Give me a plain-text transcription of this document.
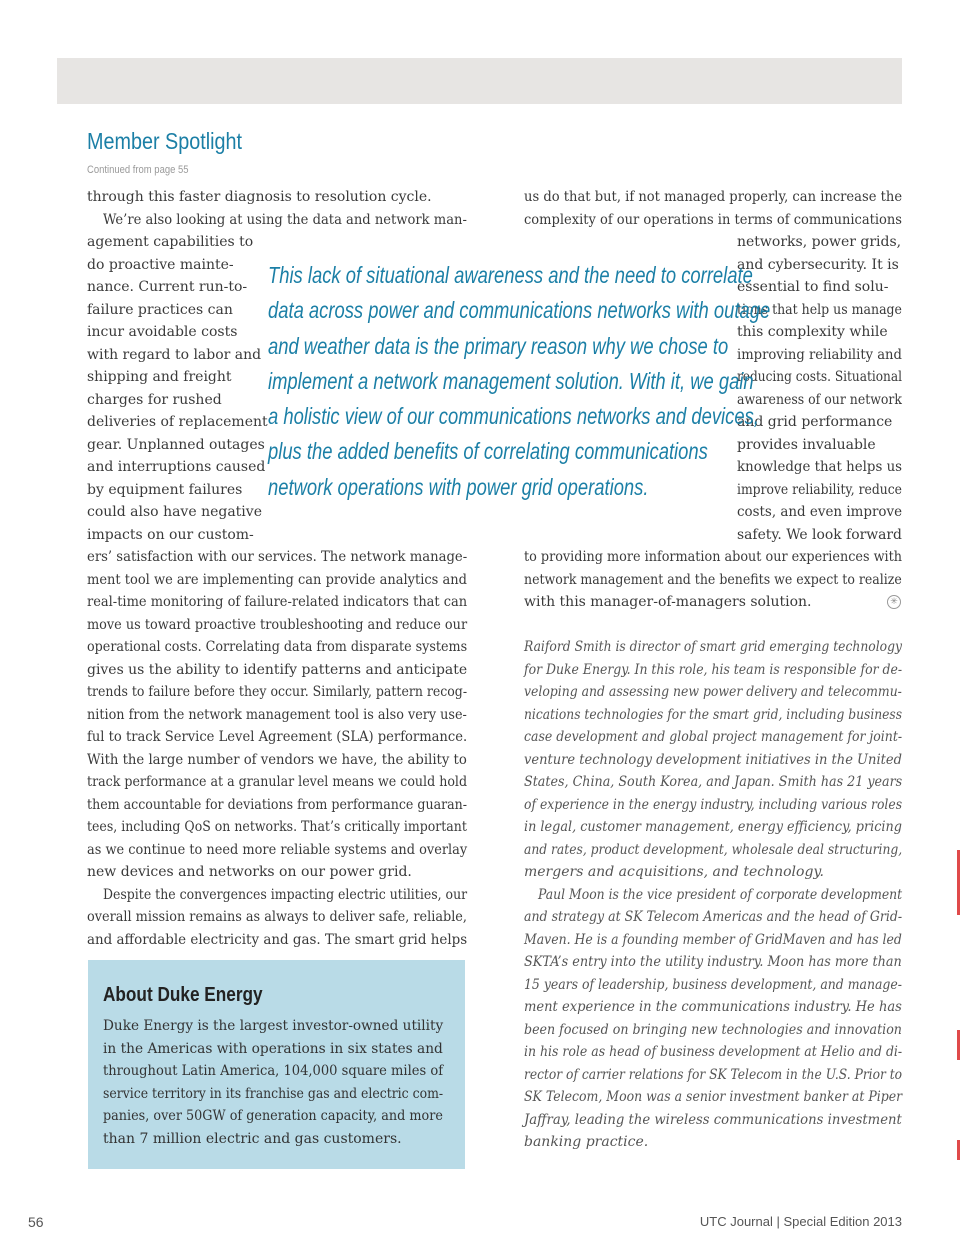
Member Spotlight
Continued from page 55
through this faster diagnosis to resolution cycle.
We’re also looking at using the data and network man-
agement capabilities to
do proactive mainte-
nance. Current run-to-
failure practices can
incur avoidable costs
with regard to labor and
shipping and freight
charges for rushed
deliveries of replacement
gear. Unplanned outages
and interruptions caused
by equipment failures
could also have negative
impacts on our custom-
ers’ satisfaction with our services. The network manage-
ment tool we are implementing can provide analytics and
real-time monitoring of failure-related indicators that can
move us toward proactive troubleshooting and reduce our
operational costs. Correlating data from disparate systems
gives us the ability to identify patterns and anticipate
trends to failure before they occur. Similarly, pattern recog-
nition from the network management tool is also very use-
ful to track Service Level Agreement (SLA) performance.
With the large number of vendors we have, the ability to
track performance at a granular level means we could hold
them accountable for deviations from performance guaran-
tees, including QoS on networks. That’s critically important
as we continue to need more reliable systems and overlay
new devices and networks on our power grid.
Despite the convergences impacting electric utilities, our
overall mission remains as always to deliver safe, reliable,
and affordable electricity and gas. The smart grid helps
us do that but, if not managed properly, can increase the
complexity of our operations in terms of communications
networks, power grids,
and cybersecurity. It is
essential to find solu-
tions that help us manage
this complexity while
improving reliability and
reducing costs. Situational
awareness of our network
and grid performance
provides invaluable
knowledge that helps us
improve reliability, reduce
costs, and even improve
safety. We look forward
to providing more information about our experiences with
network management and the benefits we expect to realize
with this manager-of-managers solution.
Raiford Smith is director of smart grid emerging technology
for Duke Energy. In this role, his team is responsible for de-
veloping and assessing new power delivery and telecommu-
nications technologies for the smart grid, including business
case development and global project management for joint-
venture technology development initiatives in the United
States, China, South Korea, and Japan. Smith has 21 years
of experience in the energy industry, including various roles
in legal, customer management, energy efficiency, pricing
and rates, product development, wholesale deal structuring,
mergers and acquisitions, and technology.
Paul Moon is the vice president of corporate development
and strategy at SK Telecom Americas and the head of Grid-
Maven. He is a founding member of GridMaven and has led
SKTA’s entry into the utility industry. Moon has more than
15 years of leadership, business development, and manage-
ment experience in the communications industry. He has
been focused on bringing new technologies and innovation
in his role as head of business development at Helio and di-
rector of carrier relations for SK Telecom in the U.S. Prior to
SK Telecom, Moon was a senior investment banker at Piper
Jaffray, leading the wireless communications investment
banking practice.
This lack of situational awareness and the need to correlate
data across power and communications networks with outage
and weather data is the primary reason why we chose to
implement a network management solution. With it, we gain
a holistic view of our communications networks and devices,
plus the added benefits of correlating communications
network operations with power grid operations.
✳
About Duke Energy
Duke Energy is the largest investor-owned utility
in the Americas with operations in six states and
throughout Latin America, 104,000 square miles of
service territory in its franchise gas and electric com-
panies, over 50GW of generation capacity, and more
than 7 million electric and gas customers.
56	UTC Journal | Special Edition 2013
